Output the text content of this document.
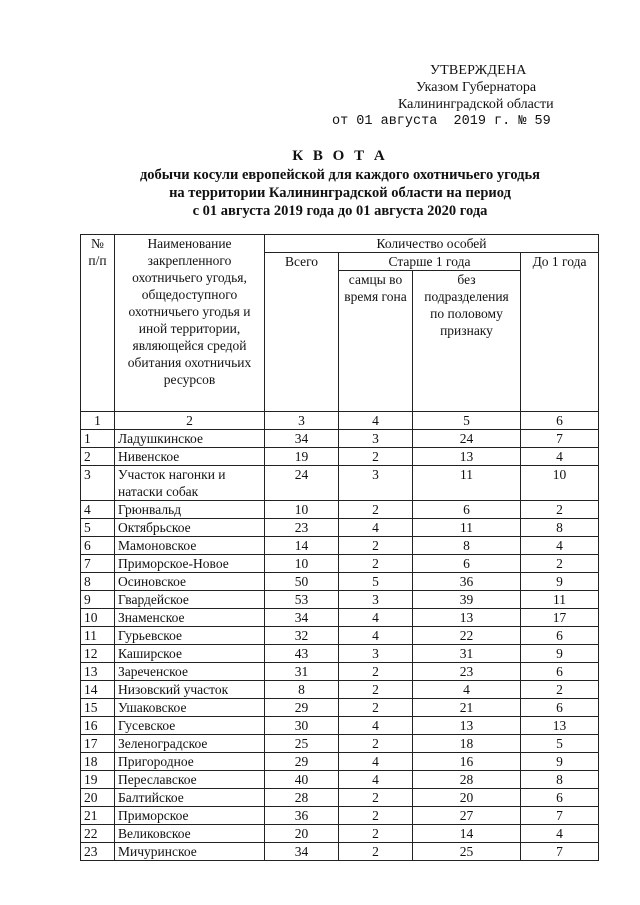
УТВЕРЖДЕНА
Указом Губернатора
Калининградской области
от 01 августа  2019 г. № 59
К В О Т А
добычи косули европейской для каждого охотничьего угодья
на территории Калининградской области на период
с 01 августа 2019 года до 01 августа 2020 года
№ п/п	Наименование закрепленного охотничьего угодья, общедоступного охотничьего угодья и иной территории, являющейся средой обитания охотничьих ресурсов	Количество особей			
		Всего	Старше 1 года		До 1 года
			самцы во время гона	без подразделения по половому признаку	
1	2	3	4	5	6
1	Ладушкинское	34	3	24	7
2	Нивенское	19	2	13	4
3	Участок нагонки и натаски собак	24	3	11	10
4	Грюнвальд	10	2	6	2
5	Октябрьское	23	4	11	8
6	Мамоновское	14	2	8	4
7	Приморское-Новое	10	2	6	2
8	Осиновское	50	5	36	9
9	Гвардейское	53	3	39	11
10	Знаменское	34	4	13	17
11	Гурьевское	32	4	22	6
12	Каширское	43	3	31	9
13	Зареченское	31	2	23	6
14	Низовский участок	8	2	4	2
15	Ушаковское	29	2	21	6
16	Гусевское	30	4	13	13
17	Зеленоградское	25	2	18	5
18	Пригородное	29	4	16	9
19	Переславское	40	4	28	8
20	Балтийское	28	2	20	6
21	Приморское	36	2	27	7
22	Великовское	20	2	14	4
23	Мичуринское	34	2	25	7
